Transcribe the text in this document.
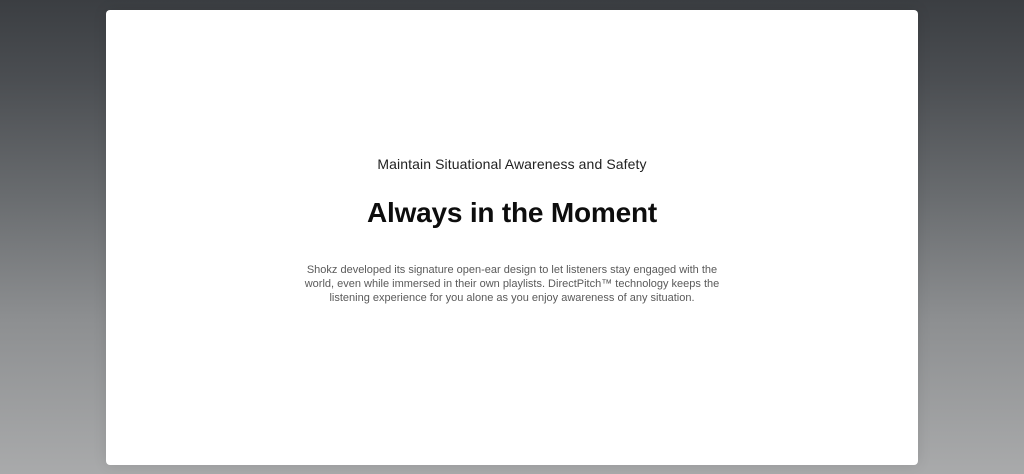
Maintain Situational Awareness and Safety
Always in the Moment

Shokz developed its signature open-ear design to let listeners stay engaged with the world, even while immersed in their own playlists. DirectPitch™ technology keeps the listening experience for you alone as you enjoy awareness of any situation.
